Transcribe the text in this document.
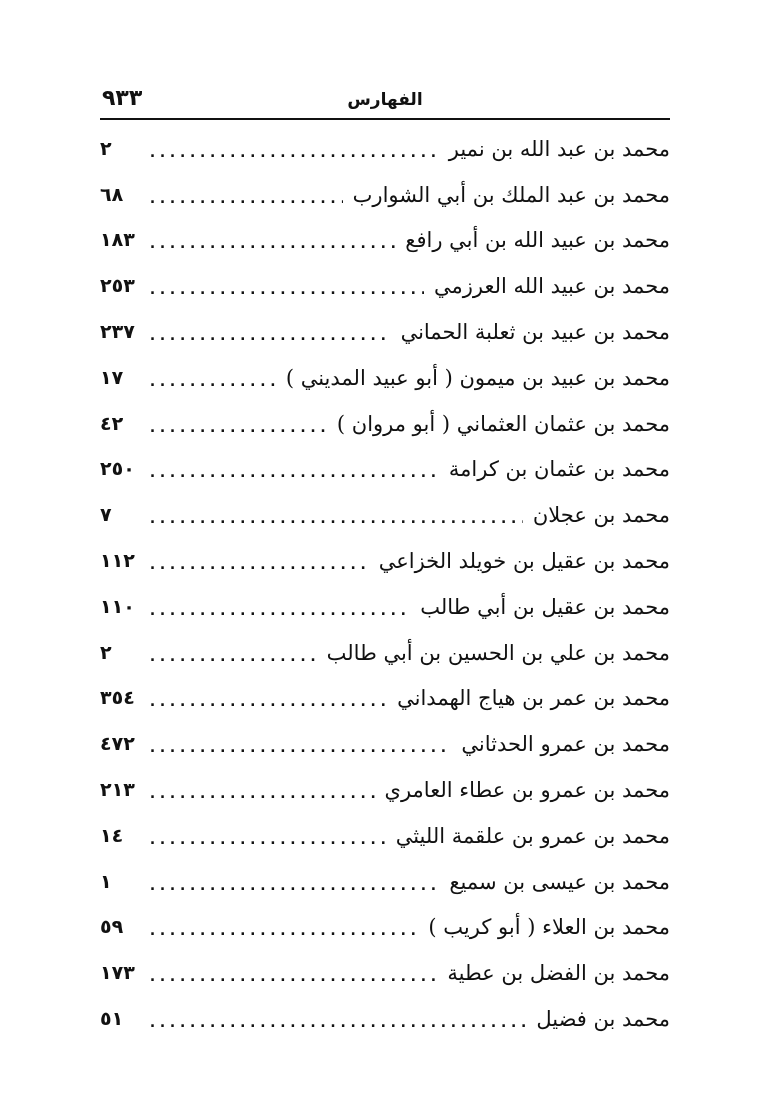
٩٣٣	الفهارس
محمد بن عبد الله بن نمير
.....
٢
محمد بن عبد الملك بن أبي الشوارب
.....
٦٨
محمد بن عبيد الله بن أبي رافع
.....
١٨٣
محمد بن عبيد الله العرزمي
.....
٢٥٣
محمد بن عبيد بن ثعلبة الحماني
.....
٢٣٧
محمد بن عبيد بن ميمون ( أبو عبيد المديني )
.....
١٧
محمد بن عثمان العثماني ( أبو مروان )
.....
٤٢
محمد بن عثمان بن كرامة
.....
٢٥٠
محمد بن عجلان
.....
٧
محمد بن عقيل بن خويلد الخزاعي
.....
١١٢
محمد بن عقيل بن أبي طالب
.....
١١٠
محمد بن علي بن الحسين بن أبي طالب
.....
٢
محمد بن عمر بن هياج الهمداني
.....
٣٥٤
محمد بن عمرو الحدثاني
.....
٤٧٢
محمد بن عمرو بن عطاء العامري
.....
٢١٣
محمد بن عمرو بن علقمة الليثي
.....
١٤
محمد بن عيسى بن سميع
.....
١
محمد بن العلاء ( أبو كريب )
.....
٥٩
محمد بن الفضل بن عطية
.....
١٧٣
محمد بن فضيل
.....
٥١
